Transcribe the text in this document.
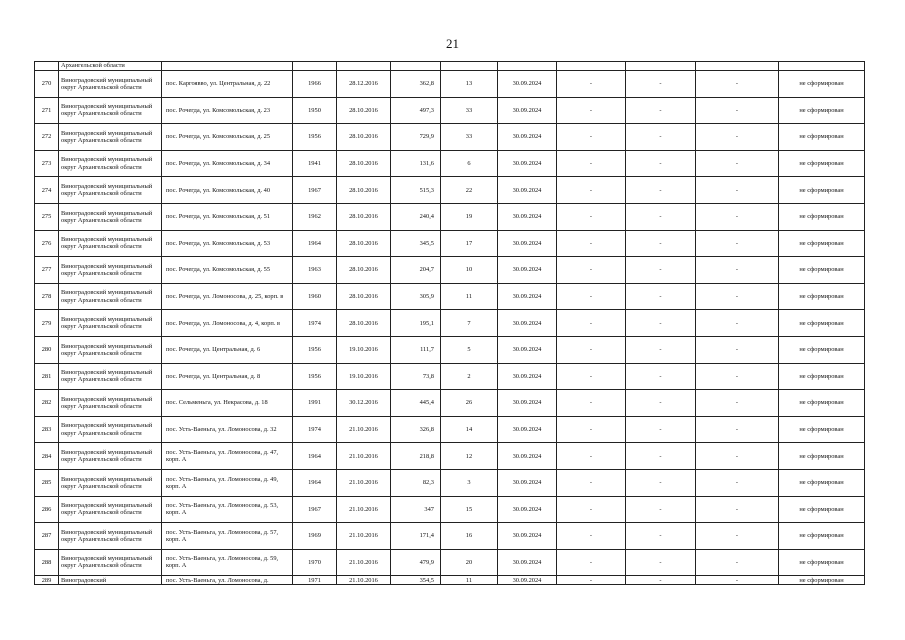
21
	Архангельской области										
270	Виноградовский муниципальный округ Архангельской области	пос. Каргоявво, ул. Центральная, д. 22	1966	28.12.2016	362,8	13	30.09.2024	-	-	-	не сформирован
271	Виноградовский муниципальный округ Архангельской области	пос. Рочегда, ул. Комсомольская, д. 23	1950	28.10.2016	497,3	33	30.09.2024	-	-	-	не сформирован
272	Виноградовский муниципальный округ Архангельской области	пос. Рочегда, ул. Комсомольская, д. 25	1956	28.10.2016	729,9	33	30.09.2024	-	-	-	не сформирован
273	Виноградовский муниципальный округ Архангельской области	пос. Рочегда, ул. Комсомольская, д. 34	1941	28.10.2016	131,6	6	30.09.2024	-	-	-	не сформирован
274	Виноградовский муниципальный округ Архангельской области	пос. Рочегда, ул. Комсомольская, д. 40	1967	28.10.2016	515,3	22	30.09.2024	-	-	-	не сформирован
275	Виноградовский муниципальный округ Архангельской области	пос. Рочегда, ул. Комсомольская, д. 51	1962	28.10.2016	240,4	19	30.09.2024	-	-	-	не сформирован
276	Виноградовский муниципальный округ Архангельской области	пос. Рочегда, ул. Комсомольская, д. 53	1964	28.10.2016	345,5	17	30.09.2024	-	-	-	не сформирован
277	Виноградовский муниципальный округ Архангельской области	пос. Рочегда, ул. Комсомольская, д. 55	1963	28.10.2016	204,7	10	30.09.2024	-	-	-	не сформирован
278	Виноградовский муниципальный округ Архангельской области	пос. Рочегда, ул. Ломоносова, д. 25, корп. в	1960	28.10.2016	305,9	11	30.09.2024	-	-	-	не сформирован
279	Виноградовский муниципальный округ Архангельской области	пос. Рочегда, ул. Ломоносова, д. 4, корп. в	1974	28.10.2016	195,1	7	30.09.2024	-	-	-	не сформирован
280	Виноградовский муниципальный округ Архангельской области	пос. Рочегда, ул. Центральная, д. 6	1956	19.10.2016	111,7	5	30.09.2024	-	-	-	не сформирован
281	Виноградовский муниципальный округ Архангельской области	пос. Рочегда, ул. Центральная, д. 8	1956	19.10.2016	73,8	2	30.09.2024	-	-	-	не сформирован
282	Виноградовский муниципальный округ Архангельской области	пос. Сельменьга, ул. Некрасова, д. 18	1991	30.12.2016	445,4	26	30.09.2024	-	-	-	не сформирован
283	Виноградовский муниципальный округ Архангельской области	пос. Усть-Ваеньга, ул. Ломоносова, д. 32	1974	21.10.2016	326,8	14	30.09.2024	-	-	-	не сформирован
284	Виноградовский муниципальный округ Архангельской области	пос. Усть-Ваеньга, ул. Ломоносова, д. 47, корп. А	1964	21.10.2016	218,8	12	30.09.2024	-	-	-	не сформирован
285	Виноградовский муниципальный округ Архангельской области	пос. Усть-Ваеньга, ул. Ломоносова, д. 49, корп. А	1964	21.10.2016	82,3	3	30.09.2024	-	-	-	не сформирован
286	Виноградовский муниципальный округ Архангельской области	пос. Усть-Ваеньга, ул. Ломоносова, д. 53, корп. А	1967	21.10.2016	347	15	30.09.2024	-	-	-	не сформирован
287	Виноградовский муниципальный округ Архангельской области	пос. Усть-Ваеньга, ул. Ломоносова, д. 57, корп. А	1969	21.10.2016	171,4	16	30.09.2024	-	-	-	не сформирован
288	Виноградовский муниципальный округ Архангельской области	пос. Усть-Ваеньга, ул. Ломоносова, д. 59, корп. А	1970	21.10.2016	479,9	20	30.09.2024	-	-	-	не сформирован
289	Виноградовский	пос. Усть-Ваеньга, ул. Ломоносова, д.	1971	21.10.2016	354,5	11	30.09.2024	-	-	-	не сформирован
